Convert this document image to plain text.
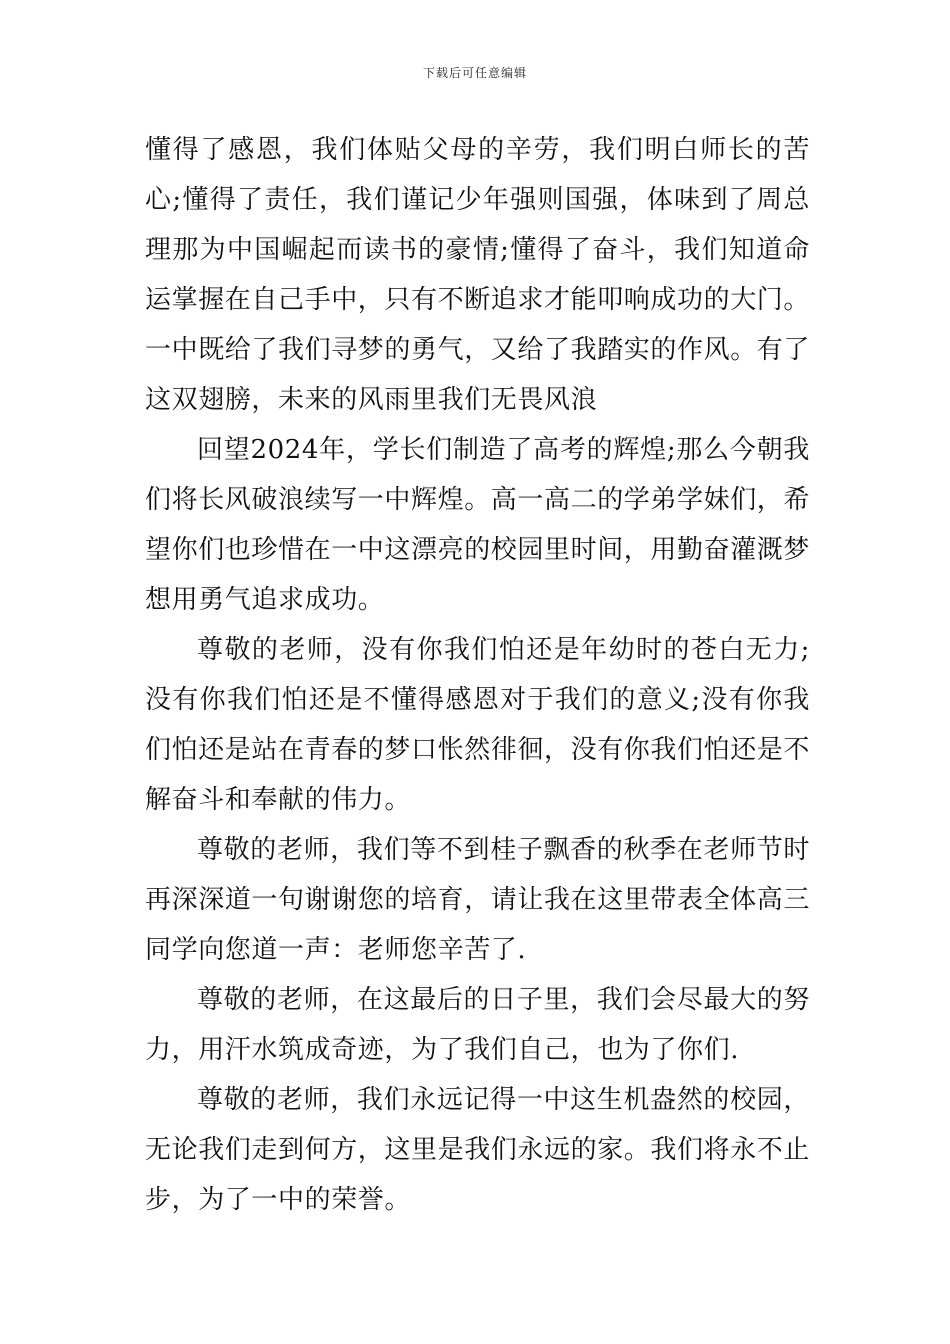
下载后可任意编辑

懂得了感恩，我们体贴父母的辛劳，我们明白师长的苦心;懂得了责任，我们谨记少年强则国强，体味到了周总理那为中国崛起而读书的豪情;懂得了奋斗，我们知道命运掌握在自己手中，只有不断追求才能叩响成功的大门。一中既给了我们寻梦的勇气，又给了我踏实的作风。有了这双翅膀，未来的风雨里我们无畏风浪

回望2024年，学长们制造了高考的辉煌;那么今朝我们将长风破浪续写一中辉煌。高一高二的学弟学妹们，希望你们也珍惜在一中这漂亮的校园里时间，用勤奋灌溉梦想用勇气追求成功。

尊敬的老师，没有你我们怕还是年幼时的苍白无力;没有你我们怕还是不懂得感恩对于我们的意义;没有你我们怕还是站在青春的梦口怅然徘徊，没有你我们怕还是不解奋斗和奉献的伟力。

尊敬的老师，我们等不到桂子飘香的秋季在老师节时再深深道一句谢谢您的培育，请让我在这里带表全体高三同学向您道一声：老师您辛苦了.

尊敬的老师，在这最后的日子里，我们会尽最大的努力，用汗水筑成奇迹，为了我们自己，也为了你们.

尊敬的老师，我们永远记得一中这生机盎然的校园，无论我们走到何方，这里是我们永远的家。我们将永不止步，为了一中的荣誉。
